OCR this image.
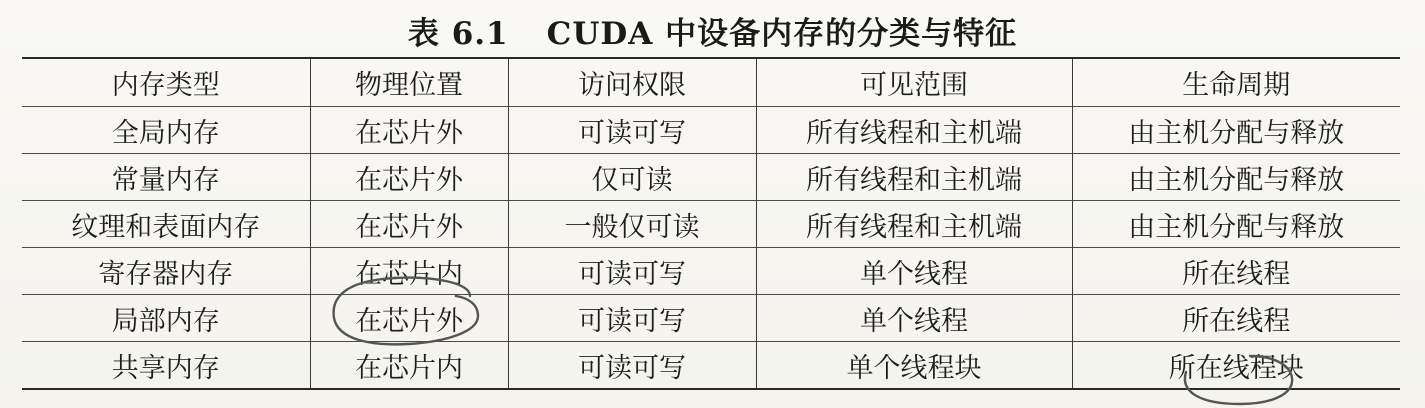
表 6.1 CUDA 中设备内存的分类与特征
内存类型	物理位置	访问权限	可见范围	生命周期
全局内存	在芯片外	可读可写	所有线程和主机端	由主机分配与释放
常量内存	在芯片外	仅可读	所有线程和主机端	由主机分配与释放
纹理和表面内存	在芯片外	一般仅可读	所有线程和主机端	由主机分配与释放
寄存器内存	在芯片内	可读可写	单个线程	所在线程
局部内存	在芯片外	可读可写	单个线程	所在线程
共享内存	在芯片内	可读可写	单个线程块	所在线程块
